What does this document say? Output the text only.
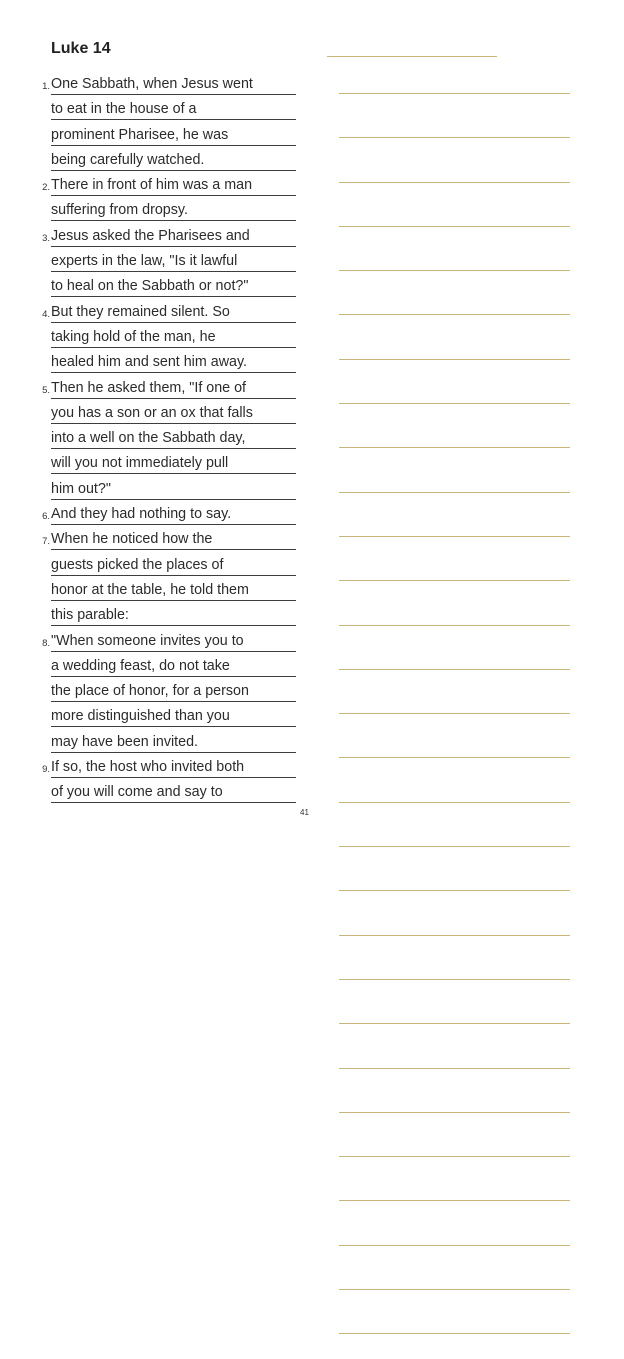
Luke 14
1. One Sabbath, when Jesus went
to eat in the house of a
prominent Pharisee, he was
being carefully watched.
2. There in front of him was a man
suffering from dropsy.
3. Jesus asked the Pharisees and
experts in the law, "Is it lawful
to heal on the Sabbath or not?"
4. But they remained silent. So
taking hold of the man, he
healed him and sent him away.
5. Then he asked them, "If one of
you has a son or an ox that falls
into a well on the Sabbath day,
will you not immediately pull
him out?"
6. And they had nothing to say.
7. When he noticed how the
guests picked the places of
honor at the table, he told them
this parable:
8. "When someone invites you to
a wedding feast, do not take
the place of honor, for a person
more distinguished than you
may have been invited.
9. If so, the host who invited both
of you will come and say to
41
